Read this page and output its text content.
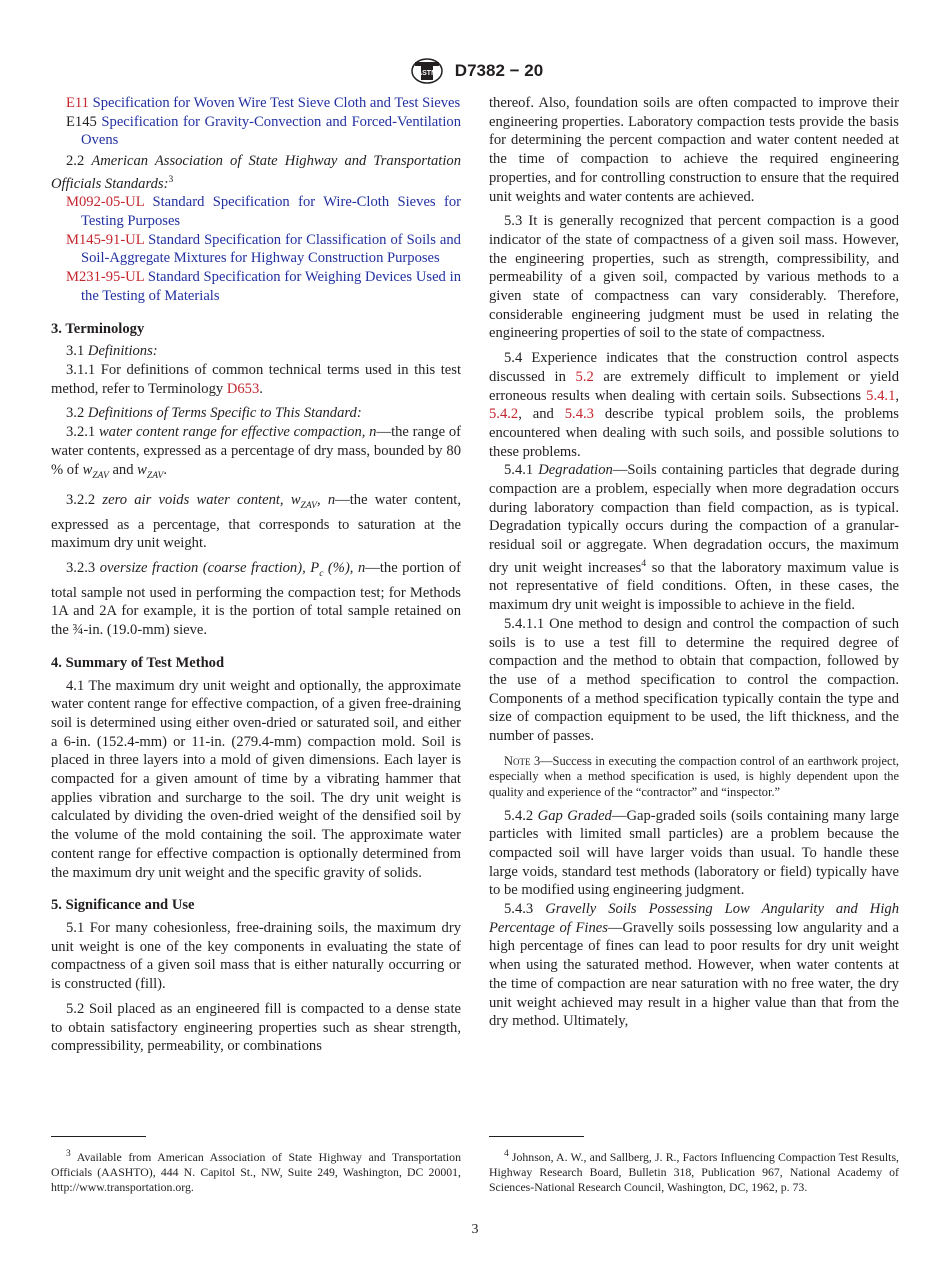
ASTM D7382 − 20

E11 Specification for Woven Wire Test Sieve Cloth and Test Sieves

E145 Specification for Gravity-Convection and Forced-Ventilation Ovens

2.2 American Association of State Highway and Transportation Officials Standards:$^3$

M092-05-UL Standard Specification for Wire-Cloth Sieves for Testing Purposes

M145-91-UL Standard Specification for Classification of Soils and Soil-Aggregate Mixtures for Highway Construction Purposes

M231-95-UL Standard Specification for Weighing Devices Used in the Testing of Materials

3. Terminology

3.1 Definitions:

3.1.1 For definitions of common technical terms used in this test method, refer to Terminology D653.

3.2 Definitions of Terms Specific to This Standard:

3.2.1 water content range for effective compaction, n—the range of water contents, expressed as a percentage of dry mass, bounded by 80 % of $w_{ZAV}$ and $w_{ZAV}$.

3.2.2 zero air voids water content, $w_{ZAV}$, n—the water content, expressed as a percentage, that corresponds to saturation at the maximum dry unit weight.

3.2.3 oversize fraction (coarse fraction), $P_c$ (%), n—the portion of total sample not used in performing the compaction test; for Methods 1A and 2A for example, it is the portion of total sample retained on the ¾-in. (19.0-mm) sieve.

4. Summary of Test Method

4.1 The maximum dry unit weight and optionally, the approximate water content range for effective compaction, of a given free-draining soil is determined using either oven-dried or saturated soil, and either a 6-in. (152.4-mm) or 11-in. (279.4-mm) compaction mold. Soil is placed in three layers into a mold of given dimensions. Each layer is compacted for a given amount of time by a vibrating hammer that applies vibration and surcharge to the soil. The dry unit weight is calculated by dividing the oven-dried weight of the densified soil by the volume of the mold containing the soil. The approximate water content range for effective compaction is optionally determined from the maximum dry unit weight and the specific gravity of solids.

5. Significance and Use

5.1 For many cohesionless, free-draining soils, the maximum dry unit weight is one of the key components in evaluating the state of compactness of a given soil mass that is either naturally occurring or is constructed (fill).

5.2 Soil placed as an engineered fill is compacted to a dense state to obtain satisfactory engineering properties such as shear strength, compressibility, permeability, or combinations

thereof. Also, foundation soils are often compacted to improve their engineering properties. Laboratory compaction tests provide the basis for determining the percent compaction and water content needed at the time of compaction to achieve the required engineering properties, and for controlling construction to ensure that the required unit weights and water contents are achieved.

5.3 It is generally recognized that percent compaction is a good indicator of the state of compactness of a given soil mass. However, the engineering properties, such as strength, compressibility, and permeability of a given soil, compacted by various methods to a given state of compactness can vary considerably. Therefore, considerable engineering judgment must be used in relating the engineering properties of soil to the state of compactness.

5.4 Experience indicates that the construction control aspects discussed in 5.2 are extremely difficult to implement or yield erroneous results when dealing with certain soils. Subsections 5.4.1, 5.4.2, and 5.4.3 describe typical problem soils, the problems encountered when dealing with such soils, and possible solutions to these problems.

5.4.1 Degradation—Soils containing particles that degrade during compaction are a problem, especially when more degradation occurs during laboratory compaction than field compaction, as is typical. Degradation typically occurs during the compaction of a granular-residual soil or aggregate. When degradation occurs, the maximum dry unit weight increases$^4$ so that the laboratory maximum value is not representative of field conditions. Often, in these cases, the maximum dry unit weight is impossible to achieve in the field.

5.4.1.1 One method to design and control the compaction of such soils is to use a test fill to determine the required degree of compaction and the method to obtain that compaction, followed by the use of a method specification to control the compaction. Components of a method specification typically contain the type and size of compaction equipment to be used, the lift thickness, and the number of passes.

Note 3—Success in executing the compaction control of an earthwork project, especially when a method specification is used, is highly dependent upon the quality and experience of the “contractor” and “inspector.”

5.4.2 Gap Graded—Gap-graded soils (soils containing many large particles with limited small particles) are a problem because the compacted soil will have larger voids than usual. To handle these large voids, standard test methods (laboratory or field) typically have to be modified using engineering judgment.

5.4.3 Gravelly Soils Possessing Low Angularity and High Percentage of Fines—Gravelly soils possessing low angularity and a high percentage of fines can lead to poor results for dry unit weight when using the saturated method. However, when water contents at the time of compaction are near saturation with no free water, the dry unit weight achieved may result in a higher value than that from the dry method. Ultimately,

$^3$ Available from American Association of State Highway and Transportation Officials (AASHTO), 444 N. Capitol St., NW, Suite 249, Washington, DC 20001, http://www.transportation.org.

$^4$ Johnson, A. W., and Sallberg, J. R., Factors Influencing Compaction Test Results, Highway Research Board, Bulletin 318, Publication 967, National Academy of Sciences-National Research Council, Washington, DC, 1962, p. 73.

3
